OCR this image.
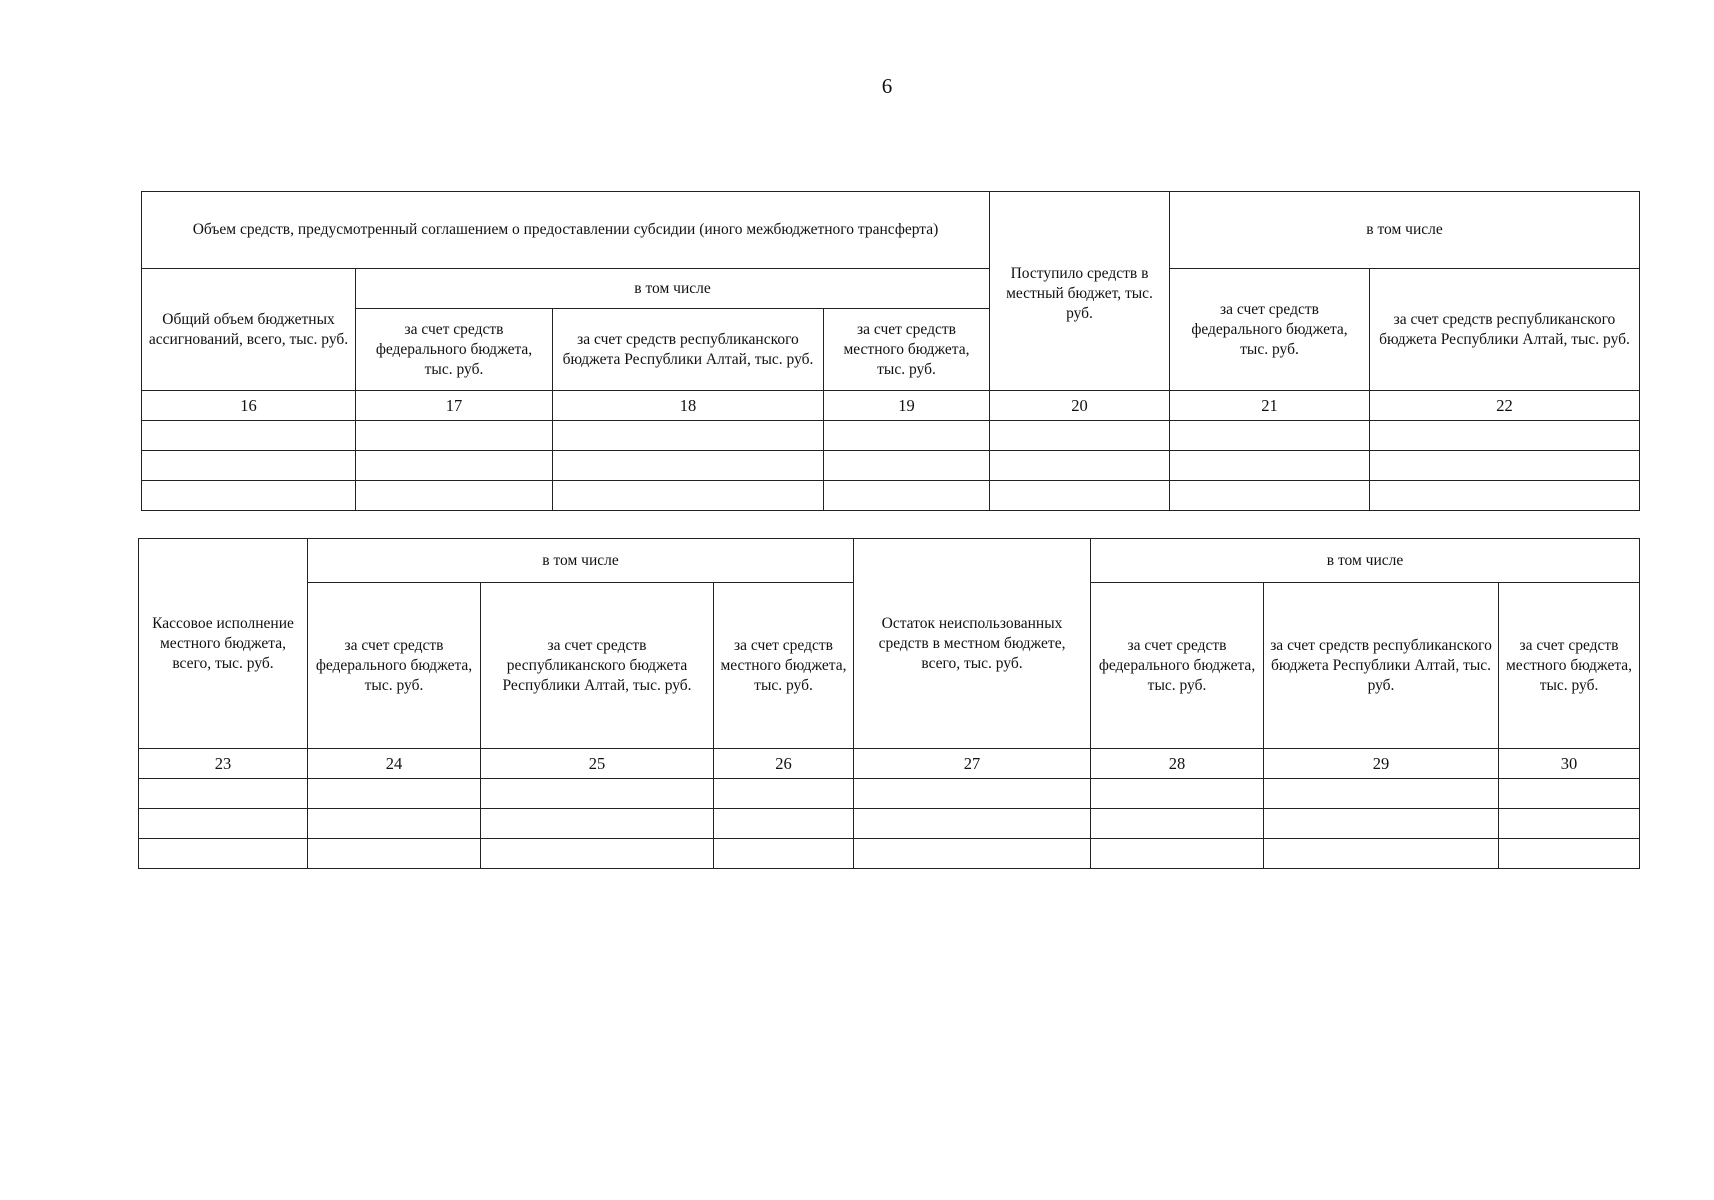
6
Объем средств, предусмотренный соглашением о предоставлении субсидии (иного межбюджетного трансферта)				Поступило средств в местный бюджет, тыс. руб.	в том числе	
Общий объем бюджетных ассигнований, всего, тыс. руб.	в том числе				за счет средств федерального бюджета, тыс. руб.	за счет средств республиканского бюджета Республики Алтай, тыс. руб.
	за счет средств федерального бюджета, тыс. руб.	за счет средств республиканского бюджета Республики Алтай, тыс. руб.	за счет средств местного бюджета, тыс. руб.			
16	17	18	19	20	21	22

Кассовое исполнение местного бюджета, всего, тыс. руб.	в том числе			Остаток неиспользованных средств в местном бюджете, всего, тыс. руб.	в том числе		
	за счет средств федерального бюджета, тыс. руб.	за счет средств республиканского бюджета Республики Алтай, тыс. руб.	за счет средств местного бюджета, тыс. руб.		за счет средств федерального бюджета, тыс. руб.	за счет средств республиканского бюджета Республики Алтай, тыс. руб.	за счет средств местного бюджета, тыс. руб.
23	24	25	26	27	28	29	30
